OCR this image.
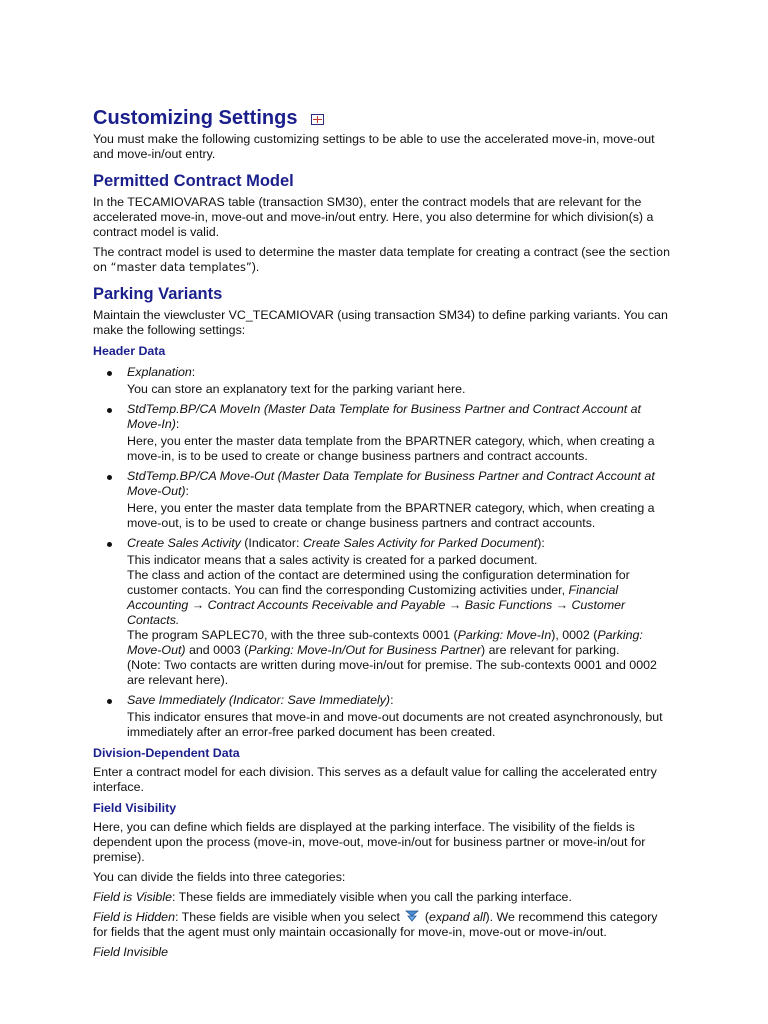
Customizing Settings

You must make the following customizing settings to be able to use the accelerated move-in, move-out and move-in/out entry.

Permitted Contract Model

In the TECAMIOVARAS table (transaction SM30), enter the contract models that are relevant for the accelerated move-in, move-out and move-in/out entry. Here, you also determine for which division(s) a contract model is valid.

The contract model is used to determine the master data template for creating a contract (see the section on “master data templates”).

Parking Variants

Maintain the viewcluster VC_TECAMIOVAR (using transaction SM34) to define parking variants. You can make the following settings:

Header Data
Explanation:
You can store an explanatory text for the parking variant here.
StdTemp.BP/CA MoveIn (Master Data Template for Business Partner and Contract Account at Move-In):
Here, you enter the master data template from the BPARTNER category, which, when creating a move-in, is to be used to create or change business partners and contract accounts.
StdTemp.BP/CA Move-Out (Master Data Template for Business Partner and Contract Account at Move-Out):
Here, you enter the master data template from the BPARTNER category, which, when creating a move-out, is to be used to create or change business partners and contract accounts.
Create Sales Activity (Indicator: Create Sales Activity for Parked Document):
This indicator means that a sales activity is created for a parked document.
The class and action of the contact are determined using the configuration determination for customer contacts. You can find the corresponding Customizing activities under, Financial Accounting → Contract Accounts Receivable and Payable → Basic Functions → Customer Contacts.
The program SAPLEC70, with the three sub-contexts 0001 (Parking: Move-In), 0002 (Parking: Move-Out) and 0003 (Parking: Move-In/Out for Business Partner) are relevant for parking.
(Note: Two contacts are written during move-in/out for premise. The sub-contexts 0001 and 0002 are relevant here).
Save Immediately (Indicator: Save Immediately):
This indicator ensures that move-in and move-out documents are not created asynchronously, but immediately after an error-free parked document has been created.
Division-Dependent Data

Enter a contract model for each division. This serves as a default value for calling the accelerated entry interface.

Field Visibility

Here, you can define which fields are displayed at the parking interface. The visibility of the fields is dependent upon the process (move-in, move-out, move-in/out for business partner or move-in/out for premise).

You can divide the fields into three categories:

Field is Visible: These fields are immediately visible when you call the parking interface.

Field is Hidden: These fields are visible when you select  (expand all). We recommend this category for fields that the agent must only maintain occasionally for move-in, move-out or move-in/out.

Field Invisible
